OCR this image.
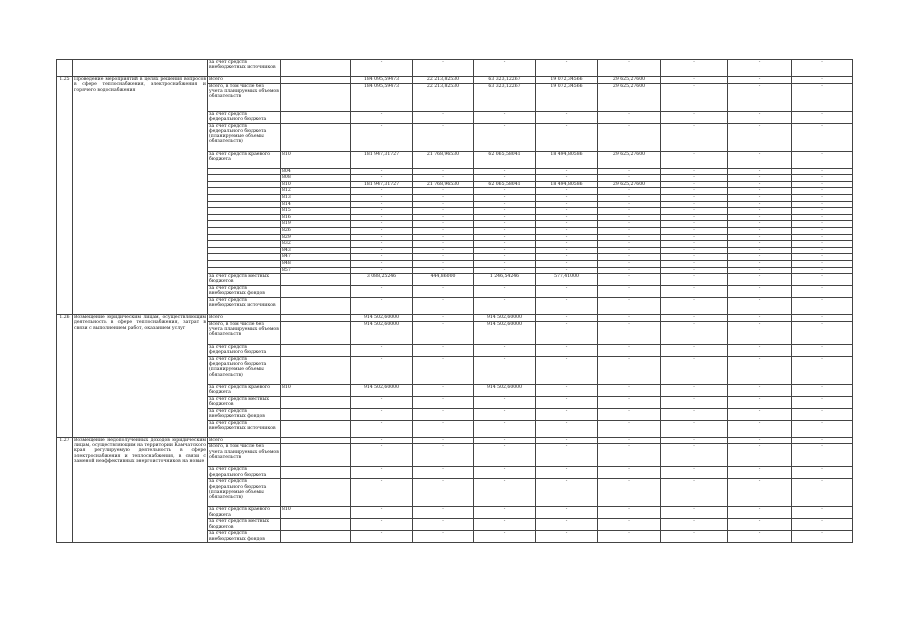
		за счет средств внебюджетных источников		-	-	-	-	-	-	-	-
1.25	Проведение мероприятий в целях решения вопросов в сфере теплоснабжения, электроснабжения и горячего водоснабжения	Всего		184 095,59473	22 213,82530	63 323,12267	19 072,34566	29 625,27600	-	-	-
		Всего, в том числе без учета планируемых объемов обязательств		184 095,59473	22 213,82530	63 323,12267	19 072,34566	29 625,27600	-	-	-
		за счет средств федерального бюджета		-	-	-	-	-	-	-	-
		за счет средств федерального бюджета (планируемые объемы обязательств)		-	-	-	-	-	-	-	-
		за счет средств краевого бюджета	810	181 947,31727	21 768,96530	62 065,58041	18 494,80586	29 625,27600	-	-	-
			804	-	-	-	-	-	-	-	-
			808	-	-	-	-	-	-	-	-
			810	181 947,31727	21 768,96530	62 065,58041	18 494,80586	29 625,27600	-	-	-
			812	-	-	-	-	-	-	-	-
			813	-	-	-	-	-	-	-	-
			814	-	-	-	-	-	-	-	-
			815	-	-	-	-	-	-	-	-
			816	-	-	-	-	-	-	-	-
			819	-	-	-	-	-	-	-	-
			826	-	-	-	-	-	-	-	-
			829	-	-	-	-	-	-	-	-
			832	-	-	-	-	-	-	-	-
			843	-	-	-	-	-	-	-	-
			847	-	-	-	-	-	-	-	-
			848	-	-	-	-	-	-	-	-
			857	-	-	-	-	-	-	-	-
		за счет средств местных бюджетов		3 088,25246	444,86000	1 246,54246	577,41000	-	-	-	-
		за счет средств внебюджетных фондов		-	-	-	-	-	-	-	-
		за счет средств внебюджетных источников		-	-	-	-	-	-	-	-
1.26	Возмещение юридическим лицам, осуществляющим деятельность в сфере теплоснабжения, затрат в связи с выполнением работ, оказанием услуг	Всего		914 502,60000	-	914 502,60000	-	-	-	-	-
		Всего, в том числе без учета планируемых объемов обязательств		914 502,60000	-	914 502,60000	-	-	-	-	-
		за счет средств федерального бюджета		-	-	-	-	-	-	-	-
		за счет средств федерального бюджета (планируемые объемы обязательств)		-	-	-	-	-	-	-	-
		за счет средств краевого бюджета	810	914 502,60000	-	914 502,60000	-	-	-	-	-
		за счет средств местных бюджетов		-	-	-	-	-	-	-	-
		за счет средств внебюджетных фондов		-	-	-	-	-	-	-	-
		за счет средств внебюджетных источников		-	-	-	-	-	-	-	-
1.27	Возмещение недополученных доходов юридическим лицам, осуществляющим на территории Камчатского края регулируемую деятельность в сфере электроснабжения и теплоснабжения, в связи с заменой неэффективных энергоисточников на новые	Всего		-	-	-	-	-	-	-	-
		Всего, в том числе без учета планируемых объемов обязательств		-	-	-	-	-	-	-	-
		за счет средств федерального бюджета		-	-	-	-	-	-	-	-
		за счет средств федерального бюджета (планируемые объемы обязательств)		-	-	-	-	-	-	-	-
		за счет средств краевого бюджета	810	-	-	-	-	-	-	-	-
		за счет средств местных бюджетов		-	-	-	-	-	-	-	-
		за счет средств внебюджетных фондов		-	-	-	-	-	-	-	-
